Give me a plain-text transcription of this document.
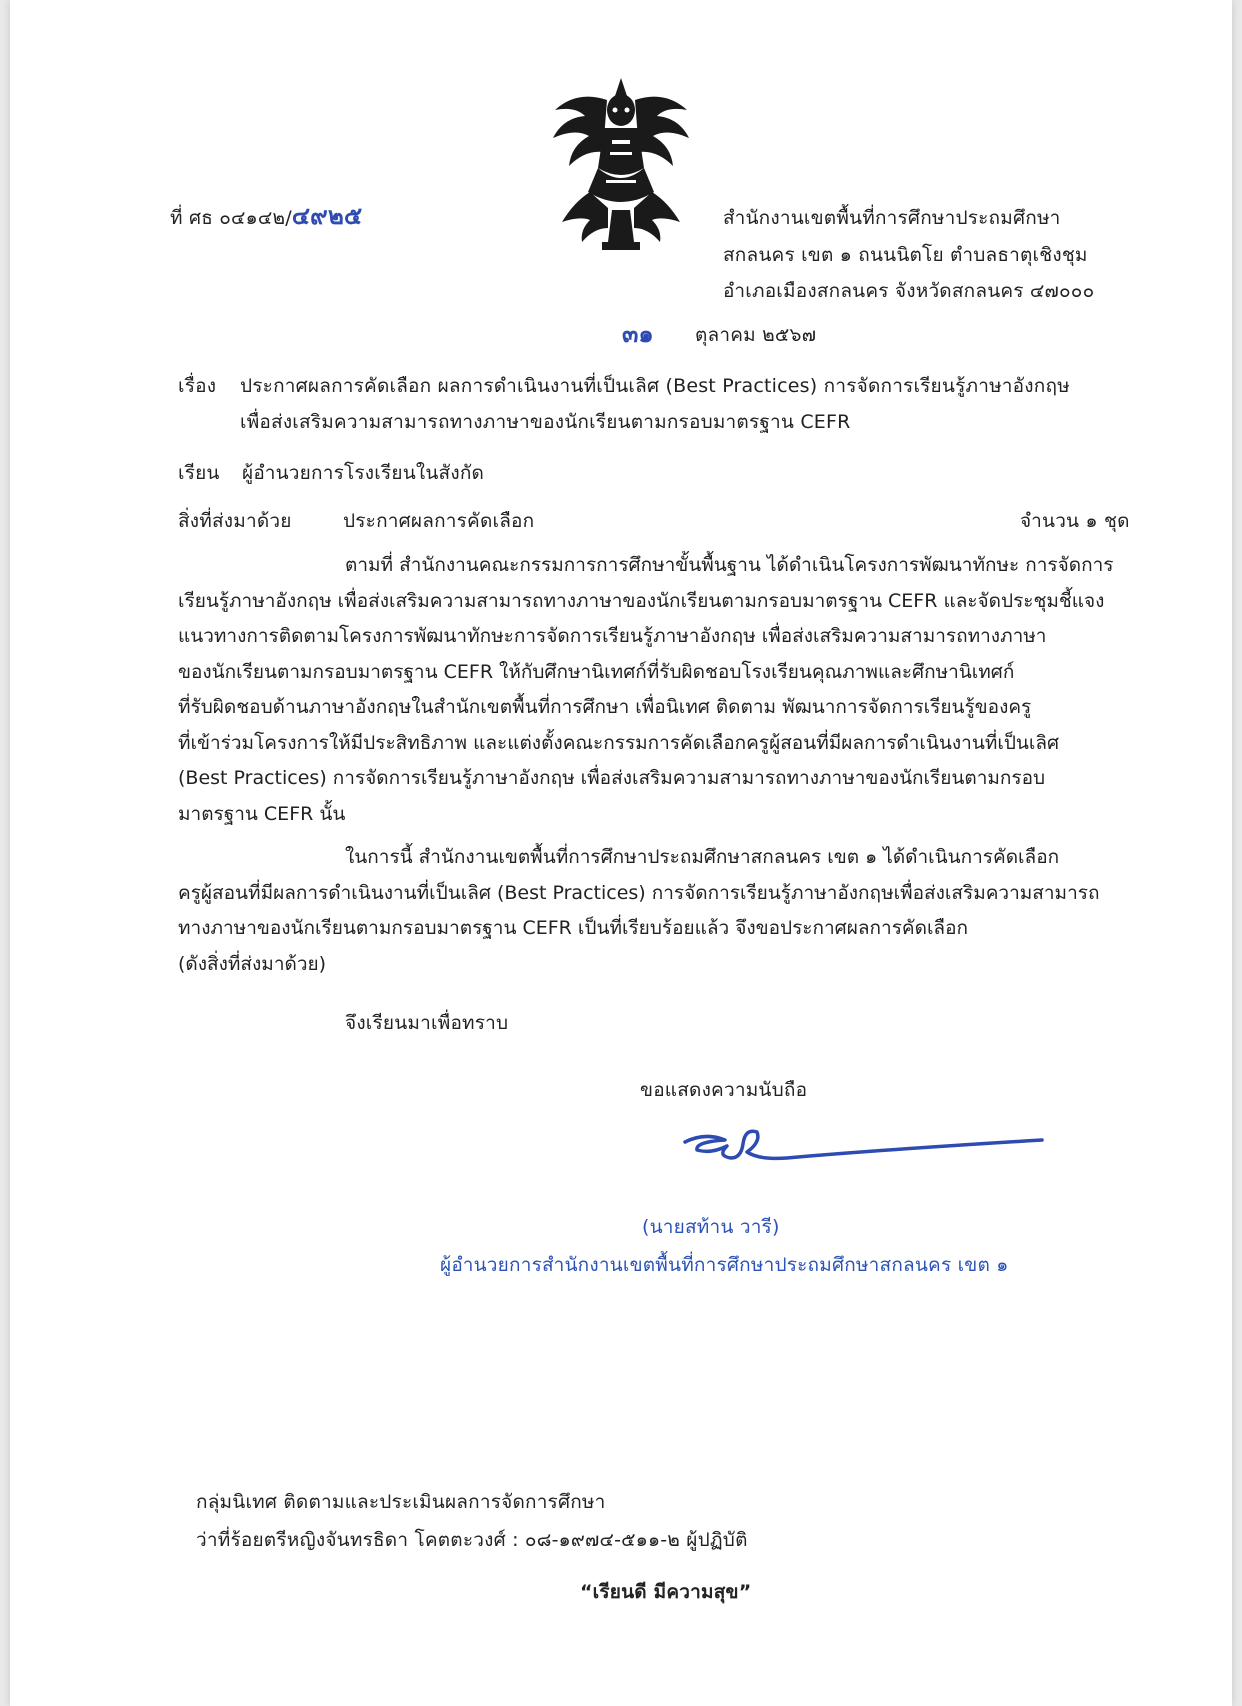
ที่ ศธ ๐๔๑๔๒/๔๙๒๕	สำนักงานเขตพื้นที่การศึกษาประถมศึกษา
สกลนคร เขต ๑ ถนนนิตโย ตำบลธาตุเชิงชุม
อำเภอเมืองสกลนคร จังหวัดสกลนคร ๔๗๐๐๐
๓๑ ตุลาคม ๒๕๖๗
เรื่อง ประกาศผลการคัดเลือก ผลการดำเนินงานที่เป็นเลิศ (Best Practices) การจัดการเรียนรู้ภาษาอังกฤษ
เพื่อส่งเสริมความสามารถทางภาษาของนักเรียนตามกรอบมาตรฐาน CEFR
เรียน ผู้อำนวยการโรงเรียนในสังกัด
สิ่งที่ส่งมาด้วย	ประกาศผลการคัดเลือก	จำนวน ๑ ชุด
ตามที่ สำนักงานคณะกรรมการการศึกษาขั้นพื้นฐาน ได้ดำเนินโครงการพัฒนาทักษะ การจัดการ
เรียนรู้ภาษาอังกฤษ เพื่อส่งเสริมความสามารถทางภาษาของนักเรียนตามกรอบมาตรฐาน CEFR และจัดประชุมชี้แจง
แนวทางการติดตามโครงการพัฒนาทักษะการจัดการเรียนรู้ภาษาอังกฤษ เพื่อส่งเสริมความสามารถทางภาษา
ของนักเรียนตามกรอบมาตรฐาน CEFR ให้กับศึกษานิเทศก์ที่รับผิดชอบโรงเรียนคุณภาพและศึกษานิเทศก์
ที่รับผิดชอบด้านภาษาอังกฤษในสำนักเขตพื้นที่การศึกษา เพื่อนิเทศ ติดตาม พัฒนาการจัดการเรียนรู้ของครู
ที่เข้าร่วมโครงการให้มีประสิทธิภาพ และแต่งตั้งคณะกรรมการคัดเลือกครูผู้สอนที่มีผลการดำเนินงานที่เป็นเลิศ
(Best Practices) การจัดการเรียนรู้ภาษาอังกฤษ เพื่อส่งเสริมความสามารถทางภาษาของนักเรียนตามกรอบ
มาตรฐาน CEFR นั้น
ในการนี้ สำนักงานเขตพื้นที่การศึกษาประถมศึกษาสกลนคร เขต ๑ ได้ดำเนินการคัดเลือก
ครูผู้สอนที่มีผลการดำเนินงานที่เป็นเลิศ (Best Practices) การจัดการเรียนรู้ภาษาอังกฤษเพื่อส่งเสริมความสามารถ
ทางภาษาของนักเรียนตามกรอบมาตรฐาน CEFR เป็นที่เรียบร้อยแล้ว จึงขอประกาศผลการคัดเลือก
(ดังสิ่งที่ส่งมาด้วย)
จึงเรียนมาเพื่อทราบ
ขอแสดงความนับถือ
(นายสท้าน วารี)
ผู้อำนวยการสำนักงานเขตพื้นที่การศึกษาประถมศึกษาสกลนคร เขต ๑
กลุ่มนิเทศ ติดตามและประเมินผลการจัดการศึกษา
ว่าที่ร้อยตรีหญิงจันทรธิดา โคตตะวงศ์ : ๐๘-๑๙๗๔-๕๑๑-๒ ผู้ปฏิบัติ
“เรียนดี มีความสุข”
